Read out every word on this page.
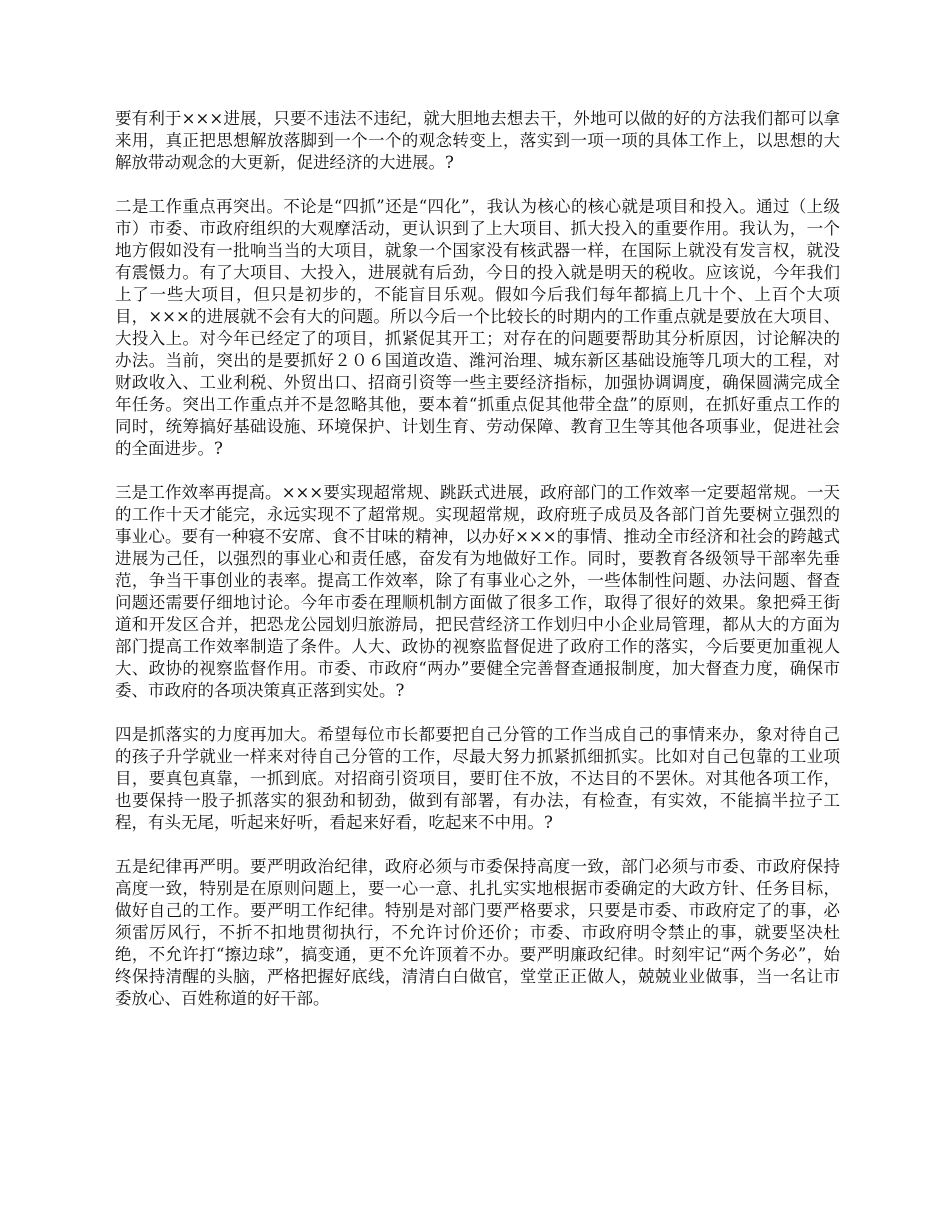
要有利于×××进展，只要不违法不违纪，就大胆地去想去干，外地可以做的好的方法我们都可以拿来用，真正把思想解放落脚到一个一个的观念转变上，落实到一项一项的具体工作上，以思想的大解放带动观念的大更新，促进经济的大进展。?

二是工作重点再突出。不论是“四抓”还是“四化”，我认为核心的核心就是项目和投入。通过（上级市）市委、市政府组织的大观摩活动，更认识到了上大项目、抓大投入的重要作用。我认为，一个地方假如没有一批响当当的大项目，就象一个国家没有核武器一样，在国际上就没有发言权，就没有震慑力。有了大项目、大投入，进展就有后劲，今日的投入就是明天的税收。应该说，今年我们上了一些大项目，但只是初步的，不能盲目乐观。假如今后我们每年都搞上几十个、上百个大项目，×××的进展就不会有大的问题。所以今后一个比较长的时期内的工作重点就是要放在大项目、大投入上。对今年已经定了的项目，抓紧促其开工；对存在的问题要帮助其分析原因，讨论解决的办法。当前，突出的是要抓好２０６国道改造、潍河治理、城东新区基础设施等几项大的工程，对财政收入、工业利税、外贸出口、招商引资等一些主要经济指标，加强协调调度，确保圆满完成全年任务。突出工作重点并不是忽略其他，要本着“抓重点促其他带全盘”的原则，在抓好重点工作的同时，统筹搞好基础设施、环境保护、计划生育、劳动保障、教育卫生等其他各项事业，促进社会的全面进步。?

三是工作效率再提高。×××要实现超常规、跳跃式进展，政府部门的工作效率一定要超常规。一天的工作十天才能完，永远实现不了超常规。实现超常规，政府班子成员及各部门首先要树立强烈的事业心。要有一种寝不安席、食不甘味的精神，以办好×××的事情、推动全市经济和社会的跨越式进展为己任，以强烈的事业心和责任感，奋发有为地做好工作。同时，要教育各级领导干部率先垂范，争当干事创业的表率。提高工作效率，除了有事业心之外，一些体制性问题、办法问题、督查问题还需要仔细地讨论。今年市委在理顺机制方面做了很多工作，取得了很好的效果。象把舜王街道和开发区合并，把恐龙公园划归旅游局，把民营经济工作划归中小企业局管理，都从大的方面为部门提高工作效率制造了条件。人大、政协的视察监督促进了政府工作的落实，今后要更加重视人大、政协的视察监督作用。市委、市政府“两办”要健全完善督查通报制度，加大督查力度，确保市委、市政府的各项决策真正落到实处。?

四是抓落实的力度再加大。希望每位市长都要把自己分管的工作当成自己的事情来办，象对待自己的孩子升学就业一样来对待自己分管的工作，尽最大努力抓紧抓细抓实。比如对自己包靠的工业项目，要真包真靠，一抓到底。对招商引资项目，要盯住不放，不达目的不罢休。对其他各项工作，也要保持一股子抓落实的狠劲和韧劲，做到有部署，有办法，有检查，有实效，不能搞半拉子工程，有头无尾，听起来好听，看起来好看，吃起来不中用。?

五是纪律再严明。要严明政治纪律，政府必须与市委保持高度一致，部门必须与市委、市政府保持高度一致，特别是在原则问题上，要一心一意、扎扎实实地根据市委确定的大政方针、任务目标，做好自己的工作。要严明工作纪律。特别是对部门要严格要求，只要是市委、市政府定了的事，必须雷厉风行，不折不扣地贯彻执行，不允许讨价还价；市委、市政府明令禁止的事，就要坚决杜绝，不允许打“擦边球”，搞变通，更不允许顶着不办。要严明廉政纪律。时刻牢记“两个务必”，始终保持清醒的头脑，严格把握好底线，清清白白做官，堂堂正正做人，兢兢业业做事，当一名让市委放心、百姓称道的好干部。
